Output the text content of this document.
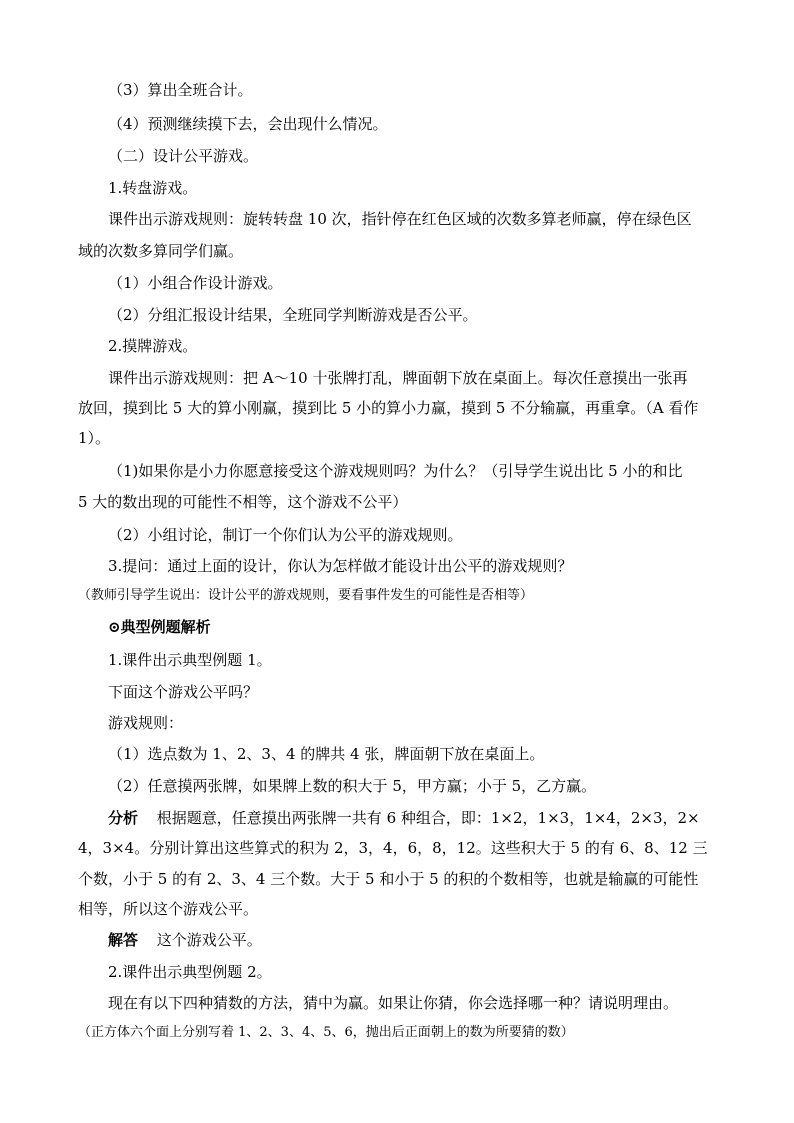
（3）算出全班合计。
（4）预测继续摸下去，会出现什么情况。
（二）设计公平游戏。
1.转盘游戏。
课件出示游戏规则：旋转转盘 10 次，指针停在红色区域的次数多算老师赢，停在绿色区
域的次数多算同学们赢。
（1）小组合作设计游戏。
（2）分组汇报设计结果，全班同学判断游戏是否公平。
2.摸牌游戏。
课件出示游戏规则：把 A～10 十张牌打乱，牌面朝下放在桌面上。每次任意摸出一张再
放回，摸到比 5 大的算小刚赢，摸到比 5 小的算小力赢，摸到 5 不分输赢，再重拿。（A 看作
1）。
（1)如果你是小力你愿意接受这个游戏规则吗？为什么？（引导学生说出比 5 小的和比
5 大的数出现的可能性不相等，这个游戏不公平）
（2）小组讨论，制订一个你们认为公平的游戏规则。
3.提问：通过上面的设计，你认为怎样做才能设计出公平的游戏规则？
（教师引导学生说出：设计公平的游戏规则，要看事件发生的可能性是否相等）
⊙典型例题解析
1.课件出示典型例题 1。
下面这个游戏公平吗？
游戏规则：
（1）选点数为 1、2、3、4 的牌共 4 张，牌面朝下放在桌面上。
（2）任意摸两张牌，如果牌上数的积大于 5，甲方赢；小于 5，乙方赢。
分析 根据题意，任意摸出两张牌一共有 6 种组合，即：1×2，1×3，1×4，2×3，2×
4，3×4。分别计算出这些算式的积为 2，3，4，6，8，12。这些积大于 5 的有 6、8、12 三
个数，小于 5 的有 2、3、4 三个数。大于 5 和小于 5 的积的个数相等，也就是输赢的可能性
相等，所以这个游戏公平。
解答 这个游戏公平。
2.课件出示典型例题 2。
现在有以下四种猜数的方法，猜中为赢。如果让你猜，你会选择哪一种？请说明理由。
（正方体六个面上分别写着 1、2、3、4、5、6，抛出后正面朝上的数为所要猜的数）
